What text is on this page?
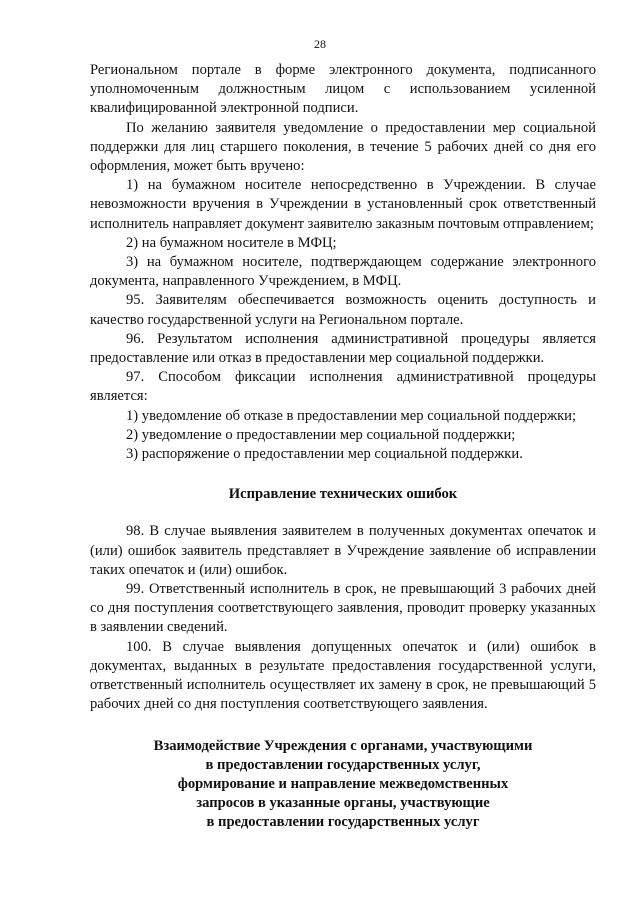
28

Региональном портале в форме электронного документа, подписанного уполномоченным должностным лицом с использованием усиленной квалифицированной электронной подписи.

По желанию заявителя уведомление о предоставлении мер социальной поддержки для лиц старшего поколения, в течение 5 рабочих дней со дня его оформления, может быть вручено:

1) на бумажном носителе непосредственно в Учреждении. В случае невозможности вручения в Учреждении в установленный срок ответственный исполнитель направляет документ заявителю заказным почтовым отправлением;

2) на бумажном носителе в МФЦ;

3) на бумажном носителе, подтверждающем содержание электронного документа, направленного Учреждением, в МФЦ.

95. Заявителям обеспечивается возможность оценить доступность и качество государственной услуги на Региональном портале.

96. Результатом исполнения административной процедуры является предоставление или отказ в предоставлении мер социальной поддержки.

97. Способом фиксации исполнения административной процедуры является:

1) уведомление об отказе в предоставлении мер социальной поддержки;

2) уведомление о предоставлении мер социальной поддержки;

3) распоряжение о предоставлении мер социальной поддержки.

Исправление технических ошибок

98. В случае выявления заявителем в полученных документах опечаток и (или) ошибок заявитель представляет в Учреждение заявление об исправлении таких опечаток и (или) ошибок.

99. Ответственный исполнитель в срок, не превышающий 3 рабочих дней со дня поступления соответствующего заявления, проводит проверку указанных в заявлении сведений.

100. В случае выявления допущенных опечаток и (или) ошибок в документах, выданных в результате предоставления государственной услуги, ответственный исполнитель осуществляет их замену в срок, не превышающий 5 рабочих дней со дня поступления соответствующего заявления.

Взаимодействие Учреждения с органами, участвующими
в предоставлении государственных услуг,
формирование и направление межведомственных
запросов в указанные органы, участвующие
в предоставлении государственных услуг
